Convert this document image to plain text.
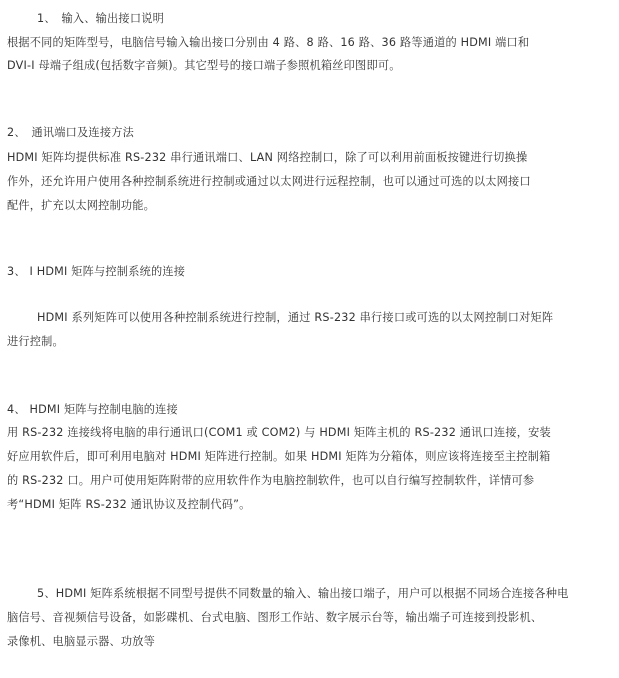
1、　输入、输出接口说明
根据不同的矩阵型号，电脑信号输入输出接口分别由 4 路、8 路、16 路、36 路等通道的 HDMI 端口和
DVI-I 母端子组成(包括数字音频)。其它型号的接口端子参照机箱丝印图即可。
2、　通讯端口及连接方法
HDMI 矩阵均提供标准 RS-232 串行通讯端口、LAN 网络控制口，除了可以利用前面板按键进行切换操
作外，还允许用户使用各种控制系统进行控制或通过以太网进行远程控制，也可以通过可选的以太网接口
配件，扩充以太网控制功能。
3、 I HDMI 矩阵与控制系统的连接
HDMI 系列矩阵可以使用各种控制系统进行控制，通过 RS-232 串行接口或可选的以太网控制口对矩阵
进行控制。
4、 HDMI 矩阵与控制电脑的连接
用 RS-232 连接线将电脑的串行通讯口(COM1 或 COM2) 与 HDMI 矩阵主机的 RS-232 通讯口连接，安装
好应用软件后，即可利用电脑对 HDMI 矩阵进行控制。如果 HDMI 矩阵为分箱体，则应该将连接至主控制箱
的 RS-232 口。用户可使用矩阵附带的应用软件作为电脑控制软件，也可以自行编写控制软件，详情可参
考“HDMI 矩阵 RS-232 通讯协议及控制代码”。
5、HDMI 矩阵系统根据不同型号提供不同数量的输入、输出接口端子，用户可以根据不同场合连接各种电
脑信号、音视频信号设备，如影碟机、台式电脑、图形工作站、数字展示台等，输出端子可连接到投影机、
录像机、电脑显示器、功放等
